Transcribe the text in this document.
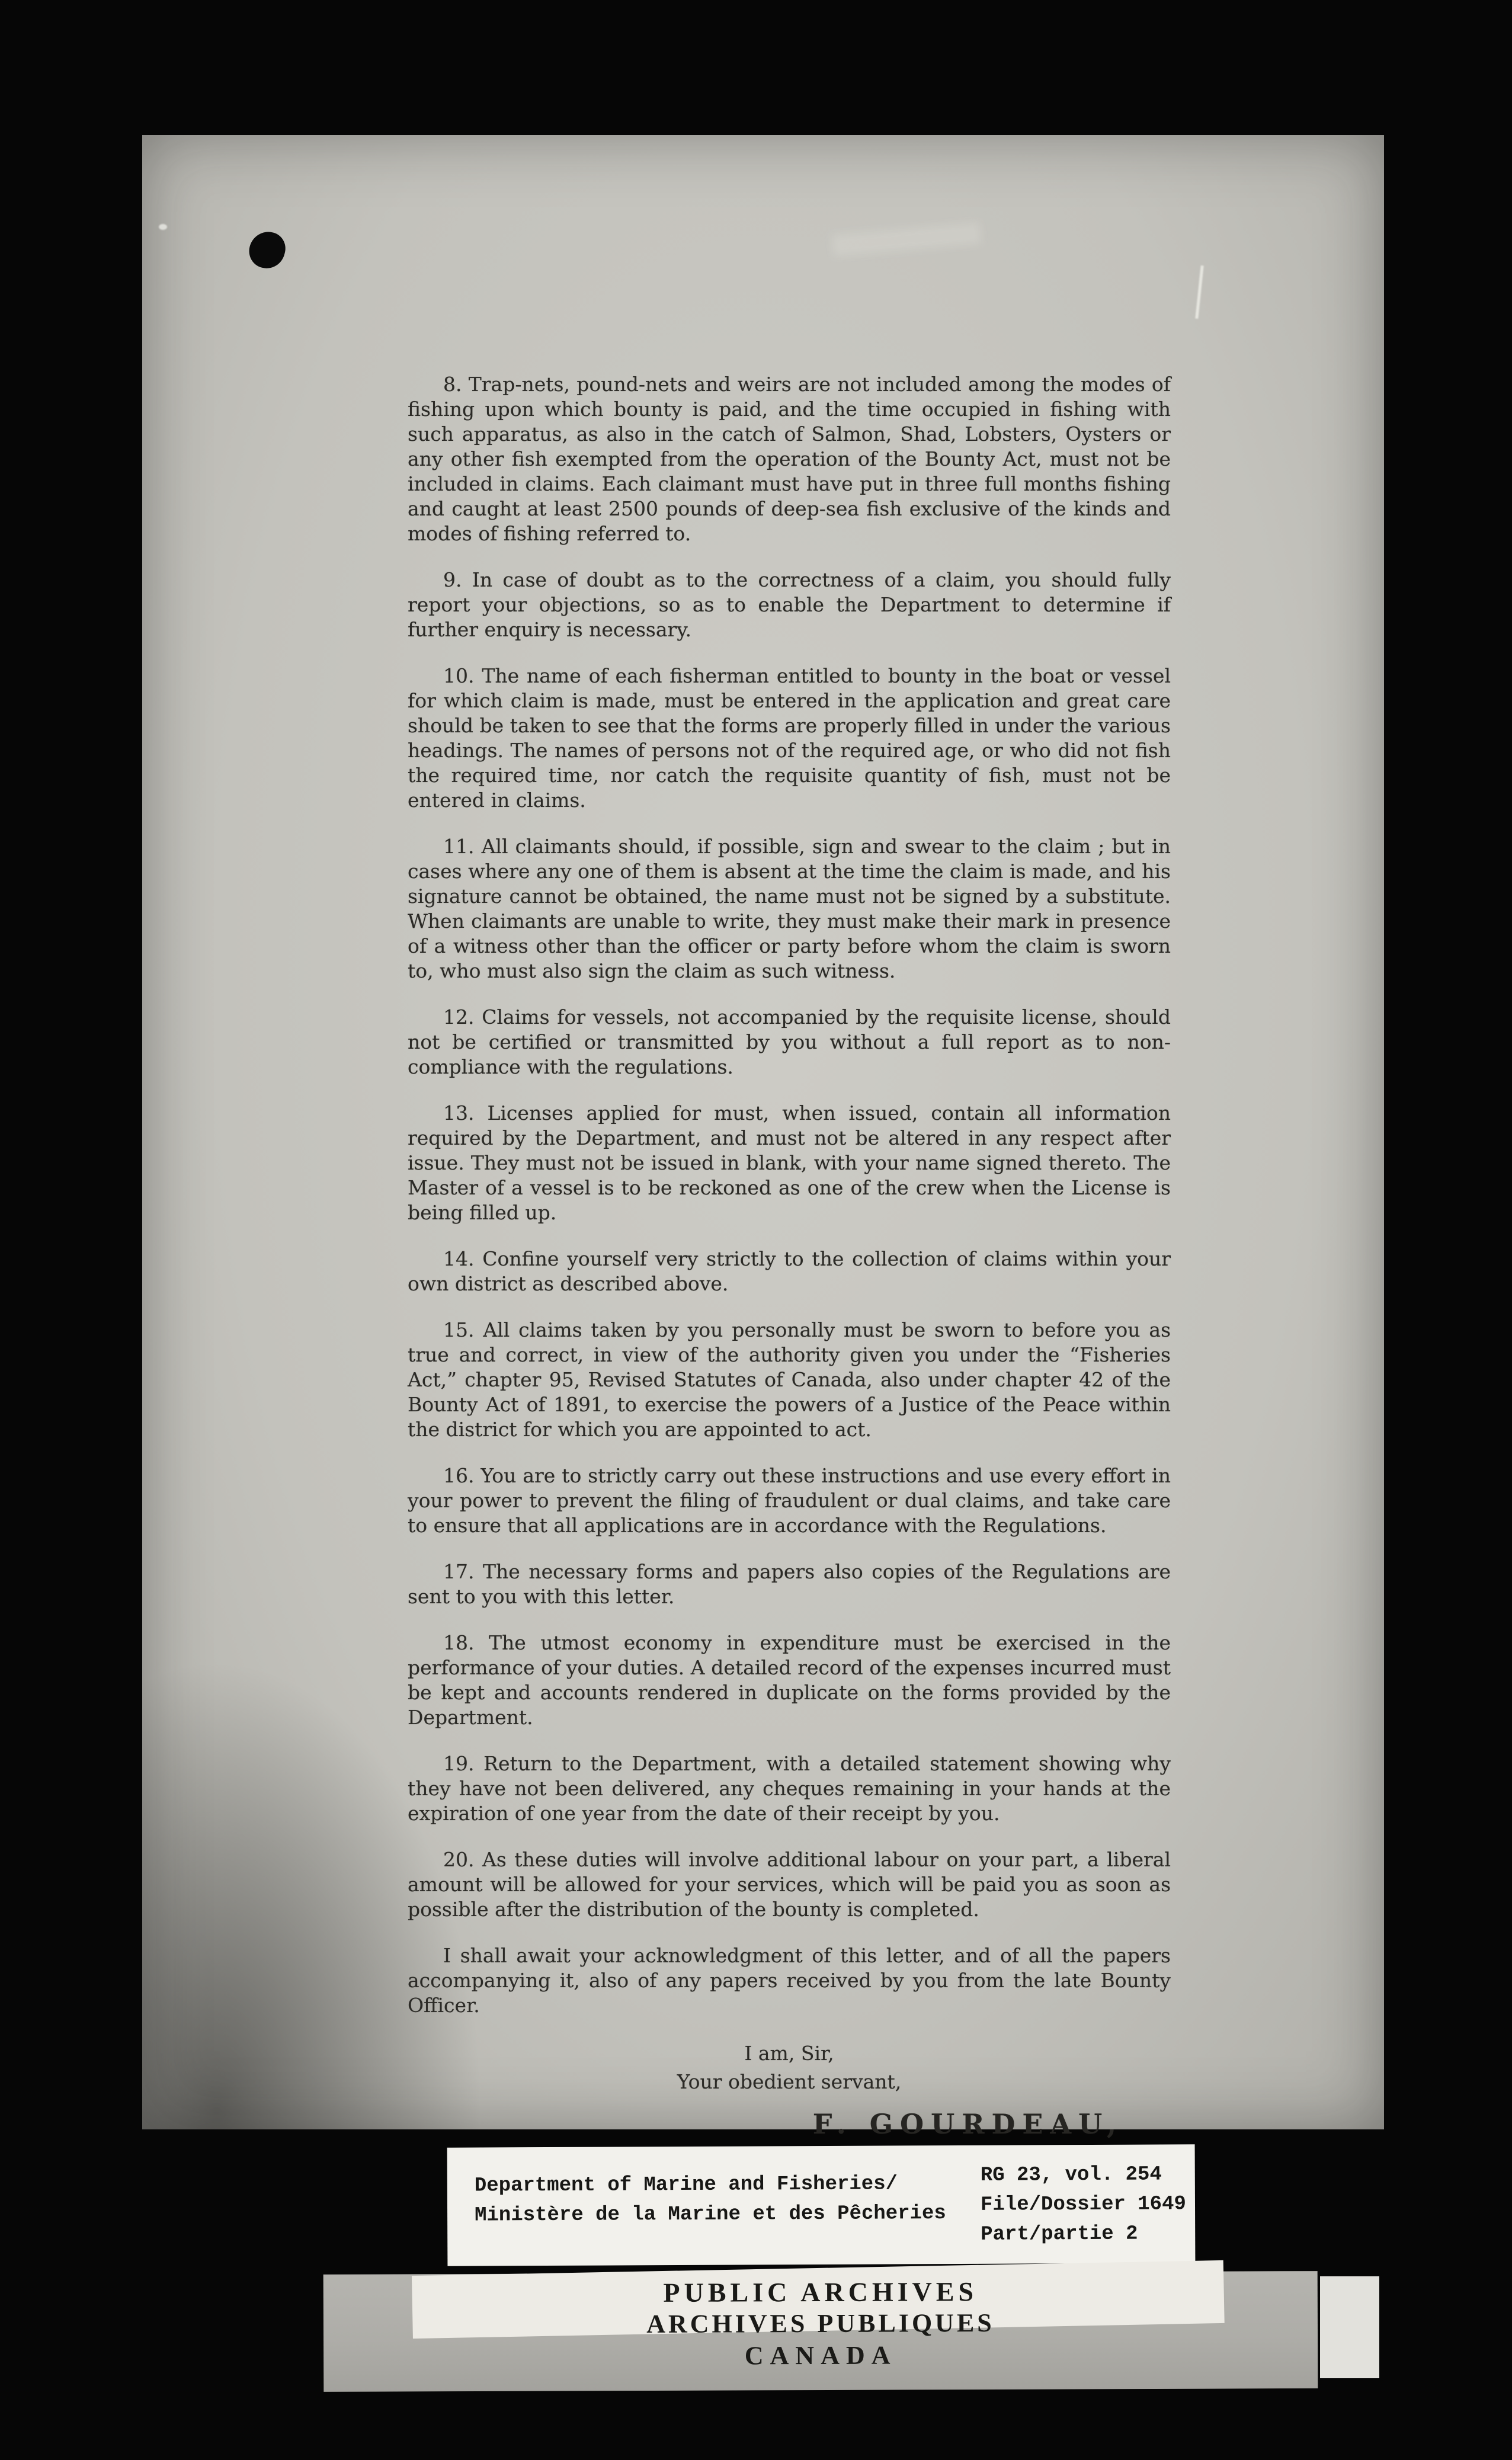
8. Trap-nets, pound-nets and weirs are not included among the modes of fishing upon which bounty is paid, and the time occupied in fishing with such apparatus, as also in the catch of Salmon, Shad, Lobsters, Oysters or any other fish exempted from the operation of the Bounty Act, must not be included in claims. Each claimant must have put in three full months fishing and caught at least 2500 pounds of deep-sea fish exclusive of the kinds and modes of fishing referred to.

9. In case of doubt as to the correctness of a claim, you should fully report your objections, so as to enable the Department to determine if further enquiry is necessary.

10. The name of each fisherman entitled to bounty in the boat or vessel for which claim is made, must be entered in the application and great care should be taken to see that the forms are properly filled in under the various headings. The names of persons not of the required age, or who did not fish the required time, nor catch the requisite quantity of fish, must not be entered in claims.

11. All claimants should, if possible, sign and swear to the claim ; but in cases where any one of them is absent at the time the claim is made, and his signature cannot be obtained, the name must not be signed by a substitute. When claimants are unable to write, they must make their mark in presence of a witness other than the officer or party before whom the claim is sworn to, who must also sign the claim as such witness.

12. Claims for vessels, not accompanied by the requisite license, should not be certified or transmitted by you without a full report as to non-compliance with the regulations.

13. Licenses applied for must, when issued, contain all information required by the Department, and must not be altered in any respect after issue. They must not be issued in blank, with your name signed thereto. The Master of a vessel is to be reckoned as one of the crew when the License is being filled up.

14. Confine yourself very strictly to the collection of claims within your own district as described above.

15. All claims taken by you personally must be sworn to before you as true and correct, in view of the authority given you under the “Fisheries Act,” chapter 95, Revised Statutes of Canada, also under chapter 42 of the Bounty Act of 1891, to exercise the powers of a Justice of the Peace within the district for which you are appointed to act.

16. You are to strictly carry out these instructions and use every effort in your power to prevent the filing of fraudulent or dual claims, and take care to ensure that all applications are in accordance with the Regulations.

17. The necessary forms and papers also copies of the Regulations are sent to you with this letter.

18. The utmost economy in expenditure must be exercised in the performance of your duties. A detailed record of the expenses incurred must be kept and accounts rendered in duplicate on the forms provided by the Department.

19. Return to the Department, with a detailed statement showing why they have not been delivered, any cheques remaining in your hands at the expiration of one year from the date of their receipt by you.

20. As these duties will involve additional labour on your part, a liberal amount will be allowed for your services, which will be paid you as soon as possible after the distribution of the bounty is completed.

I shall await your acknowledgment of this letter, and of all the papers accompanying it, also of any papers received by you from the late Bounty Officer.

I am, Sir,
Your obedient servant,
F. GOURDEAU,
Department of Marine and Fisheries/
Ministère de la Marine et des Pêcheries
RG 23, vol. 254
File/Dossier 1649
Part/partie 2
PUBLIC ARCHIVES
ARCHIVES PUBLIQUES
CANADA
